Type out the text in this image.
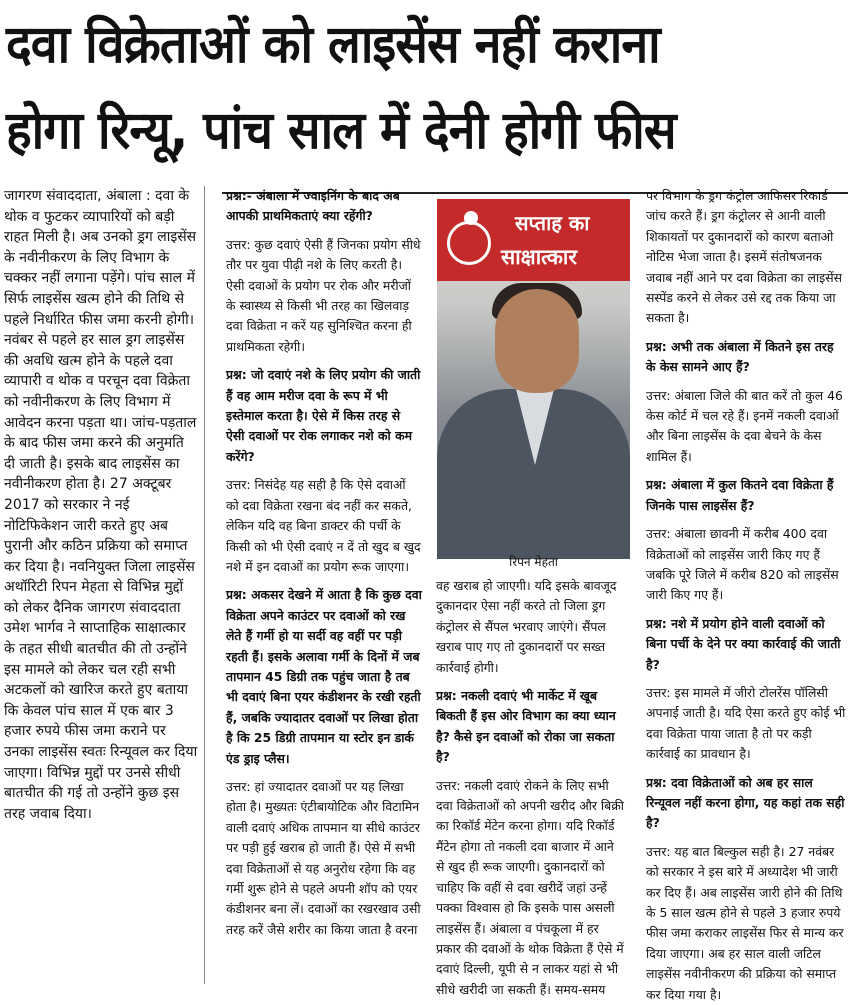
दवा विक्रेताओं को लाइसेंस नहीं कराना
होगा रिन्यू, पांच साल में देनी होगी फीस

जागरण संवाददाता, अंबाला : दवा के थोक व फुटकर व्यापारियों को बड़ी राहत मिली है। अब उनको ड्रग लाइसेंस के नवीनीकरण के लिए विभाग के चक्कर नहीं लगाना पड़ेंगे। पांच साल में सिर्फ लाइसेंस खत्म होने की तिथि से पहले निर्धारित फीस जमा करनी होगी। नवंबर से पहले हर साल ड्रग लाइसेंस की अवधि खत्म होने के पहले दवा व्यापारी व थोक व परचून दवा विक्रेता को नवीनीकरण के लिए विभाग में आवेदन करना पड़ता था। जांच-पड़ताल के बाद फीस जमा करने की अनुमति दी जाती है। इसके बाद लाइसेंस का नवीनीकरण होता है। 27 अक्टूबर 2017 को सरकार ने नई नोटिफिकेशन जारी करते हुए अब पुरानी और कठिन प्रक्रिया को समाप्त कर दिया है। नवनियुक्त जिला लाइसेंस अथॉरिटी रिपन मेहता से विभिन्न मुद्दों को लेकर दैनिक जागरण संवाददाता उमेश भार्गव ने साप्ताहिक साक्षात्कार के तहत सीधी बातचीत की तो उन्होंने इस मामले को लेकर चल रही सभी अटकलों को खारिज करते हुए बताया कि केवल पांच साल में एक बार 3 हजार रुपये फीस जमा कराने पर उनका लाइसेंस स्वतः रिन्यूवल कर दिया जाएगा। विभिन्न मुद्दों पर उनसे सीधी बातचीत की गई तो उन्होंने कुछ इस तरह जवाब दिया।

प्रश्न:- अंबाला में ज्वाइनिंग के बाद अब आपकी प्राथमिकताएं क्या रहेंगी?

उत्तर: कुछ दवाएं ऐसी हैं जिनका प्रयोग सीधे तौर पर युवा पीढ़ी नशे के लिए करती है। ऐसी दवाओं के प्रयोग पर रोक और मरीजों के स्वास्थ्य से किसी भी तरह का खिलवाड़ दवा विक्रेता न करें यह सुनिश्चित करना ही प्राथमिकता रहेगी।

प्रश्न: जो दवाएं नशे के लिए प्रयोग की जाती हैं वह आम मरीज दवा के रूप में भी इस्तेमाल करता है। ऐसे में किस तरह से ऐसी दवाओं पर रोक लगाकर नशे को कम करेंगे?

उत्तर: निसंदेह यह सही है कि ऐसे दवाओं को दवा विक्रेता रखना बंद नहीं कर सकते, लेकिन यदि वह बिना डाक्टर की पर्ची के किसी को भी ऐसी दवाएं न दें तो खुद ब खुद नशे में इन दवाओं का प्रयोग रूक जाएगा।

प्रश्न: अकसर देखने में आता है कि कुछ दवा विक्रेता अपने काउंटर पर दवाओं को रख लेते हैं गर्मी हो या सर्दी वह वहीं पर पड़ी रहती हैं। इसके अलावा गर्मी के दिनों में जब तापमान 45 डिग्री तक पहुंच जाता है तब भी दवाएं बिना एयर कंडीशनर के रखी रहती हैं, जबकि ज्यादातर दवाओं पर लिखा होता है कि 25 डिग्री तापमान या स्टोर इन डार्क एंड ड्राइ प्लैस।

उत्तर: हां ज्यादातर दवाओं पर यह लिखा होता है। मुख्यतः एंटीबायोटिक और विटामिन वाली दवाएं अधिक तापमान या सीधे काउंटर पर पड़ी हुई खराब हो जाती हैं। ऐसे में सभी दवा विक्रेताओं से यह अनुरोध रहेगा कि वह गर्मी शुरू होने से पहले अपनी शॉप को एयर कंडीशनर बना लें। दवाओं का रखरखाव उसी तरह करें जैसे शरीर का किया जाता है वरना

सप्ताह का
साक्षात्कार
रिपन मेहता

वह खराब हो जाएगी। यदि इसके बावजूद दुकानदार ऐसा नहीं करते तो जिला ड्रग कंट्रोलर से सैंपल भरवाए जाएंगे। सैंपल खराब पाए गए तो दुकानदारों पर सख्त कार्रवाई होगी।

प्रश्न: नकली दवाएं भी मार्केट में खूब बिकती हैं इस ओर विभाग का क्या ध्यान है? कैसे इन दवाओं को रोका जा सकता है?

उत्तर: नकली दवाएं रोकने के लिए सभी दवा विक्रेताओं को अपनी खरीद और बिक्री का रिकॉर्ड मेंटेन करना होगा। यदि रिकॉर्ड मैंटेन होगा तो नकली दवा बाजार में आने से खुद ही रूक जाएगी। दुकानदारों को चाहिए कि वहीं से दवा खरीदें जहां उन्हें पक्का विश्वास हो कि इसके पास असली लाइसेंस हैं। अंबाला व पंचकूला में हर प्रकार की दवाओं के थोक विक्रेता हैं ऐसे में दवाएं दिल्ली, यूपी से न लाकर यहां से भी सीधे खरीदी जा सकती हैं। समय-समय

पर विभाग के ड्रग कंट्रोल आफिसर रिकार्ड जांच करते हैं। ड्रग कंट्रोलर से आनी वाली शिकायतों पर दुकानदारों को कारण बताओ नोटिस भेजा जाता है। इसमें संतोषजनक जवाब नहीं आने पर दवा विक्रेता का लाइसेंस सस्पेंड करने से लेकर उसे रद्द तक किया जा सकता है।

प्रश्न: अभी तक अंबाला में कितने इस तरह के केस सामने आए हैं?

उत्तर: अंबाला जिले की बात करें तो कुल 46 केस कोर्ट में चल रहे हैं। इनमें नकली दवाओं और बिना लाइसेंस के दवा बेचने के केस शामिल हैं।

प्रश्न: अंबाला में कुल कितने दवा विक्रेता हैं जिनके पास लाइसेंस हैं?

उत्तर: अंबाला छावनी में करीब 400 दवा विक्रेताओं को लाइसेंस जारी किए गए हैं जबकि पूरे जिले में करीब 820 को लाइसेंस जारी किए गए हैं।

प्रश्न: नशे में प्रयोग होने वाली दवाओं को बिना पर्ची के देने पर क्या कार्रवाई की जाती है?

उत्तर: इस मामले में जीरो टोलरेंस पॉलिसी अपनाई जाती है। यदि ऐसा करते हुए कोई भी दवा विक्रेता पाया जाता है तो पर कड़ी कार्रवाई का प्रावधान है।

प्रश्न: दवा विक्रेताओं को अब हर साल रिन्यूवल नहीं करना होगा, यह कहां तक सही है?

उत्तर: यह बात बिल्कुल सही है। 27 नवंबर को सरकार ने इस बारे में अध्यादेश भी जारी कर दिए हैं। अब लाइसेंस जारी होने की तिथि के 5 साल खत्म होने से पहले 3 हजार रुपये फीस जमा कराकर लाइसेंस फिर से मान्य कर दिया जाएगा। अब हर साल वाली जटिल लाइसेंस नवीनीकरण की प्रक्रिया को समाप्त कर दिया गया है।
